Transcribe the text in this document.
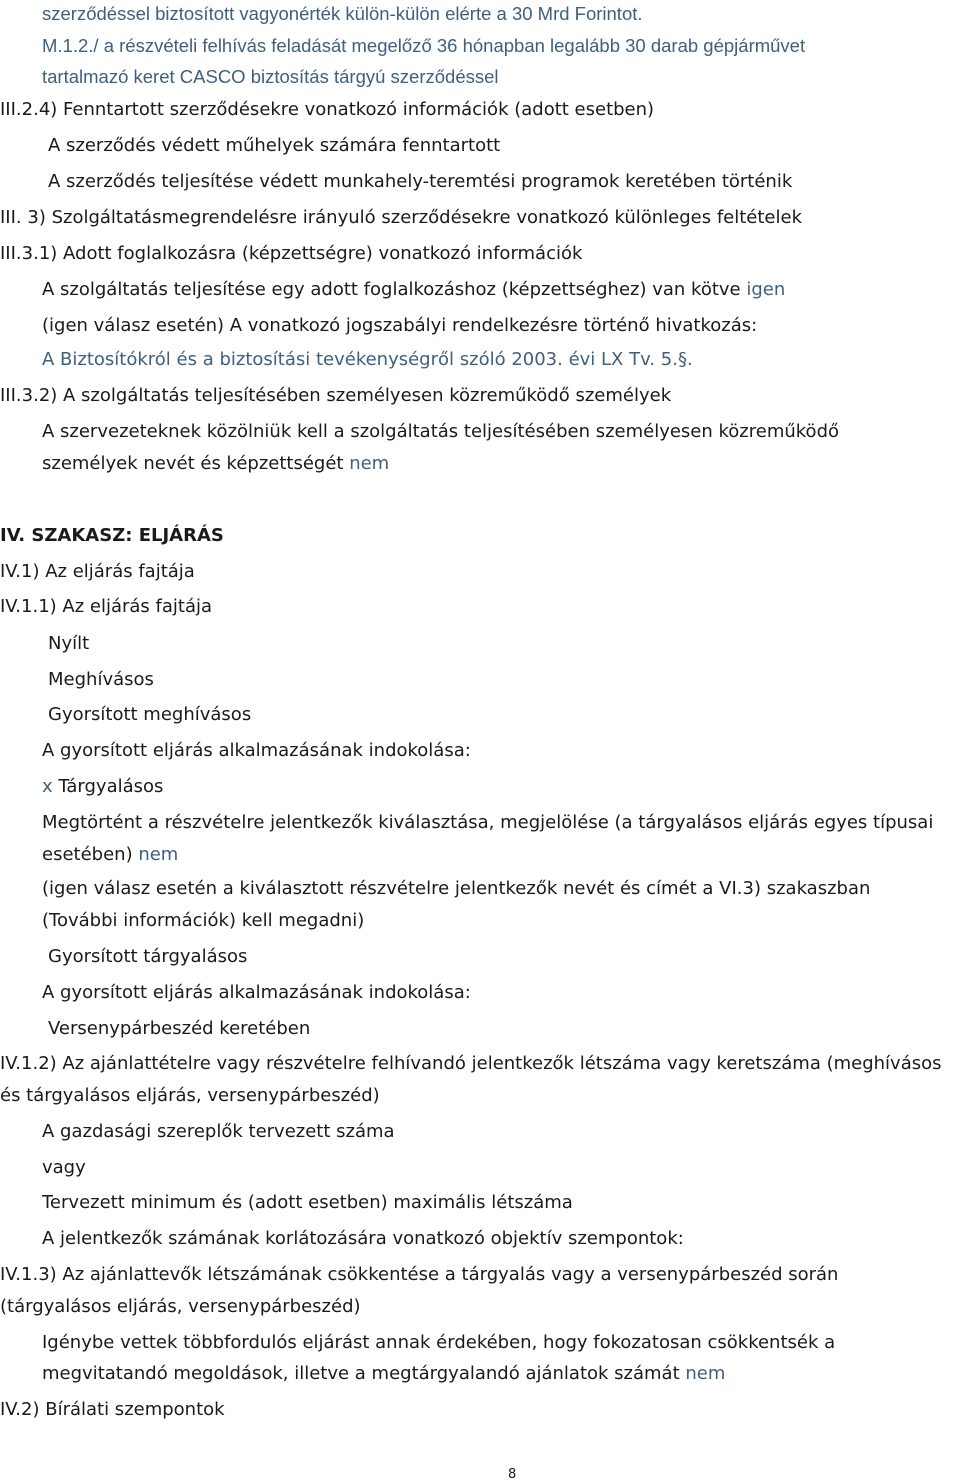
szerződéssel biztosított vagyonérték külön-külön elérte a 30 Mrd Forintot.
M.1.2./ a részvételi felhívás feladását megelőző 36 hónapban legalább 30 darab gépjárművet
tartalmazó keret CASCO biztosítás tárgyú szerződéssel
III.2.4) Fenntartott szerződésekre vonatkozó információk (adott esetben)
A szerződés védett műhelyek számára fenntartott
A szerződés teljesítése védett munkahely-teremtési programok keretében történik
III. 3) Szolgáltatásmegrendelésre irányuló szerződésekre vonatkozó különleges feltételek
III.3.1) Adott foglalkozásra (képzettségre) vonatkozó információk
A szolgáltatás teljesítése egy adott foglalkozáshoz (képzettséghez) van kötve igen
(igen válasz esetén) A vonatkozó jogszabályi rendelkezésre történő hivatkozás:
A Biztosítókról és a biztosítási tevékenységről szóló 2003. évi LX Tv. 5.§.
III.3.2) A szolgáltatás teljesítésében személyesen közreműködő személyek
A szervezeteknek közölniük kell a szolgáltatás teljesítésében személyesen közreműködő
személyek nevét és képzettségét nem
IV. SZAKASZ: ELJÁRÁS
IV.1) Az eljárás fajtája
IV.1.1) Az eljárás fajtája
Nyílt
Meghívásos
Gyorsított meghívásos
A gyorsított eljárás alkalmazásának indokolása:
x Tárgyalásos
Megtörtént a részvételre jelentkezők kiválasztása, megjelölése (a tárgyalásos eljárás egyes típusai
esetében) nem
(igen válasz esetén a kiválasztott részvételre jelentkezők nevét és címét a VI.3) szakaszban
(További információk) kell megadni)
Gyorsított tárgyalásos
A gyorsított eljárás alkalmazásának indokolása:
Versenypárbeszéd keretében
IV.1.2) Az ajánlattételre vagy részvételre felhívandó jelentkezők létszáma vagy keretszáma (meghívásos
és tárgyalásos eljárás, versenypárbeszéd)
A gazdasági szereplők tervezett száma
vagy
Tervezett minimum és (adott esetben) maximális létszáma
A jelentkezők számának korlátozására vonatkozó objektív szempontok:
IV.1.3) Az ajánlattevők létszámának csökkentése a tárgyalás vagy a versenypárbeszéd során
(tárgyalásos eljárás, versenypárbeszéd)
Igénybe vettek többfordulós eljárást annak érdekében, hogy fokozatosan csökkentsék a
megvitatandó megoldások, illetve a megtárgyalandó ajánlatok számát nem
IV.2) Bírálati szempontok
8
